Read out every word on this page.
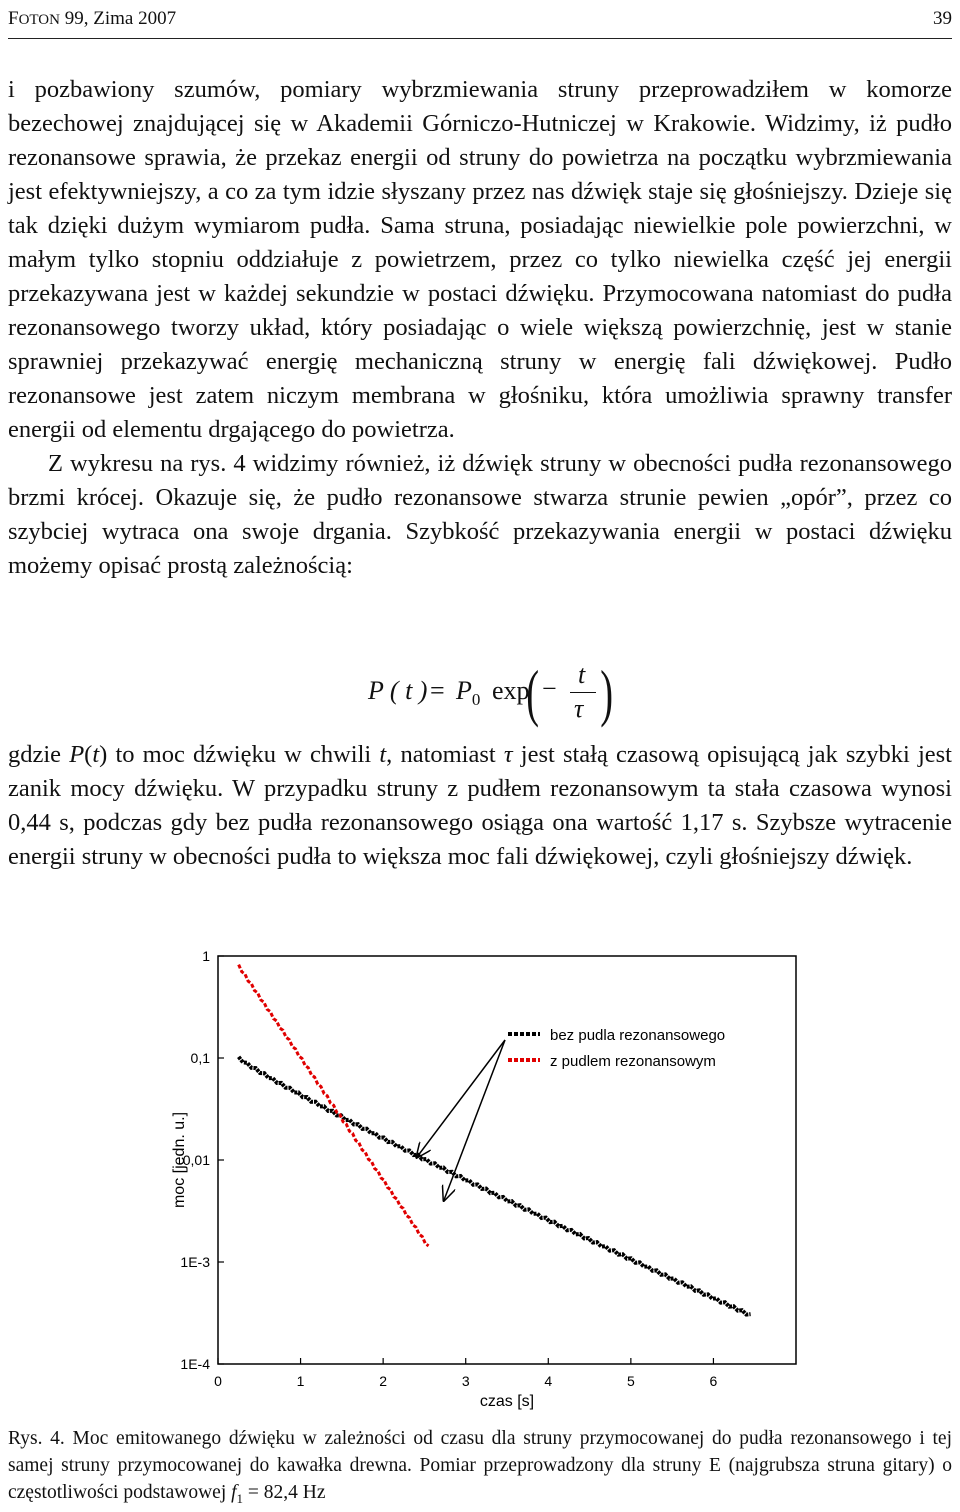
FOTON 99, Zima 2007	39

i pozbawiony szumów, pomiary wybrzmiewania struny przeprowadziłem w komorze bezechowej znajdującej się w Akademii Górniczo-Hutniczej w Krakowie. Widzimy, iż pudło rezonansowe sprawia, że przekaz energii od struny do powietrza na początku wybrzmiewania jest efektywniejszy, a co za tym idzie słyszany przez nas dźwięk staje się głośniejszy. Dzieje się tak dzięki dużym wymiarom pudła. Sama struna, posiadając niewielkie pole powierzchni, w małym tylko stopniu oddziałuje z powietrzem, przez co tylko niewielka część jej energii przekazywana jest w każdej sekundzie w postaci dźwięku. Przymocowana natomiast do pudła rezonansowego tworzy układ, który posiadając o wiele większą powierzchnię, jest w stanie sprawniej przekazywać energię mechaniczną struny w energię fali dźwiękowej. Pudło rezonansowe jest zatem niczym membrana w głośniku, która umożliwia sprawny transfer energii od elementu drgającego do powietrza.

Z wykresu na rys. 4 widzimy również, iż dźwięk struny w obecności pudła rezonansowego brzmi krócej. Okazuje się, że pudło rezonansowe stwarza strunie pewien „opór”, przez co szybciej wytraca ona swoje drgania. Szybkość przekazywania energii w postaci dźwięku możemy opisać prostą zależnością:

P ( t ) = $P_0$ exp
( − t
τ )

gdzie P(t) to moc dźwięku w chwili t, natomiast τ jest stałą czasową opisującą jak szybki jest zanik mocy dźwięku. W przypadku struny z pudłem rezonansowym ta stała czasowa wynosi 0,44 s, podczas gdy bez pudła rezonansowego osiąga ona wartość 1,17 s. Szybsze wytracenie energii struny w obecności pudła to większa moc fali dźwiękowej, czyli głośniejszy dźwięk.

0	1	2	3	4	5	6
1E-4
1E-3
0,01
0,1
1
bez pudla rezonansowego
z pudlem rezonansowym
czas [s]
moc [jedn. u.]

Rys. 4. Moc emitowanego dźwięku w zależności od czasu dla struny przymocowanej do pudła rezonansowego i tej samej struny przymocowanej do kawałka drewna. Pomiar przeprowadzony dla struny E (najgrubsza struna gitary) o częstotliwości podstawowej $f_1 = 82,4$ Hz
